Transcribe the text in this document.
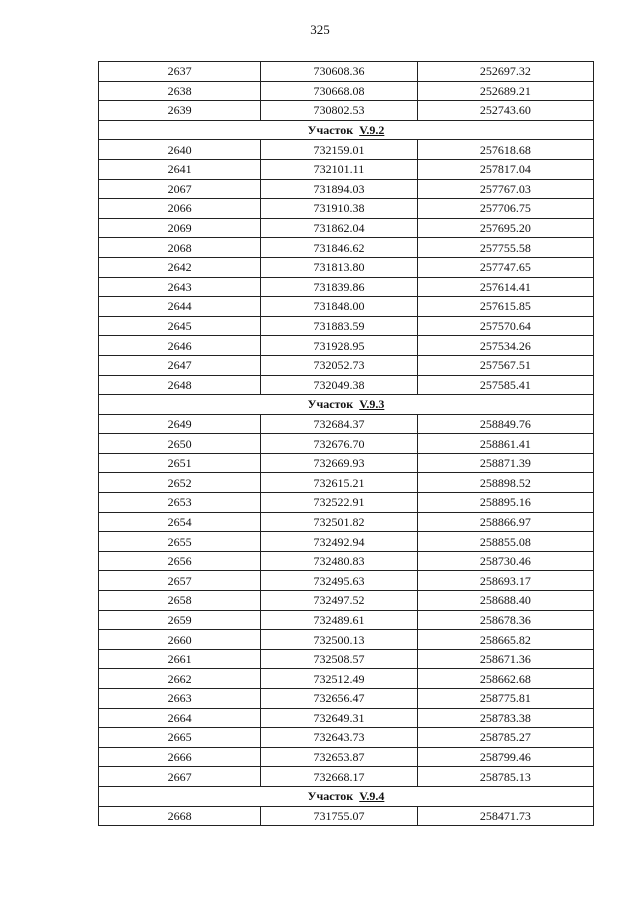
325
2637	730608.36	252697.32
2638	730668.08	252689.21
2639	730802.53	252743.60
Участок V.9.2		
2640	732159.01	257618.68
2641	732101.11	257817.04
2067	731894.03	257767.03
2066	731910.38	257706.75
2069	731862.04	257695.20
2068	731846.62	257755.58
2642	731813.80	257747.65
2643	731839.86	257614.41
2644	731848.00	257615.85
2645	731883.59	257570.64
2646	731928.95	257534.26
2647	732052.73	257567.51
2648	732049.38	257585.41
Участок V.9.3		
2649	732684.37	258849.76
2650	732676.70	258861.41
2651	732669.93	258871.39
2652	732615.21	258898.52
2653	732522.91	258895.16
2654	732501.82	258866.97
2655	732492.94	258855.08
2656	732480.83	258730.46
2657	732495.63	258693.17
2658	732497.52	258688.40
2659	732489.61	258678.36
2660	732500.13	258665.82
2661	732508.57	258671.36
2662	732512.49	258662.68
2663	732656.47	258775.81
2664	732649.31	258783.38
2665	732643.73	258785.27
2666	732653.87	258799.46
2667	732668.17	258785.13
Участок V.9.4		
2668	731755.07	258471.73
